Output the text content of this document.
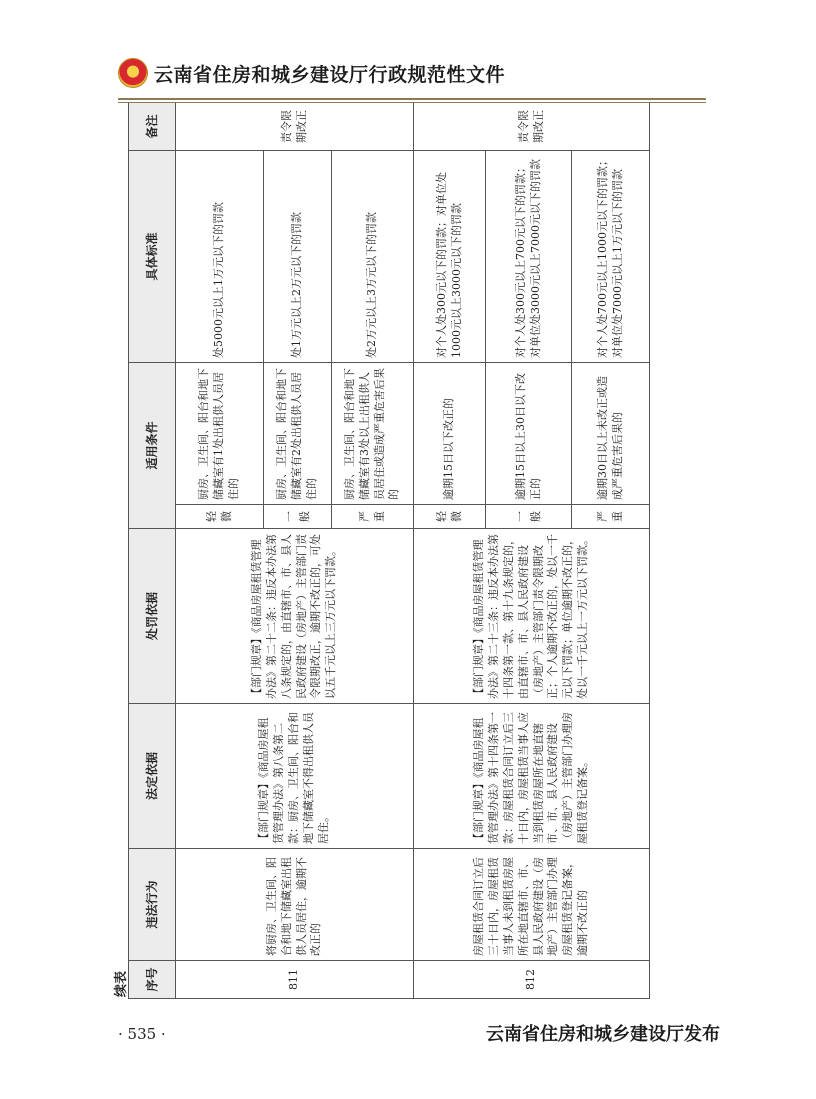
云南省住房和城乡建设厅行政规范性文件
续表 序号	违法行为	法定依据	处罚依据	适用条件		具体标准	备注
811	将厨房、卫生间、阳台和地下储藏室出租供人员居住，逾期不改正的	【部门规章】《商品房屋租赁管理办法》第八条第二款：厨房、卫生间、阳台和地下储藏室不得出租供人员居住。	【部门规章】《商品房屋租赁管理办法》第二十二条：违反本办法第八条规定的，由直辖市、市、县人民政府建设（房地产）主管部门责令限期改正，逾期不改正的，可处以五千元以上三万元以下罚款。	轻微	厨房、卫生间、阳台和地下储藏室有1处出租供人员居住的	处5000元以上1万元以下的罚款	责令限期改正
				一般	厨房、卫生间、阳台和地下储藏室有2处出租供人员居住的	处1万元以上2万元以下的罚款	
				严重	厨房、卫生间、阳台和地下储藏室有3处以上出租供人员居住或造成严重危害后果的	处2万元以上3万元以下的罚款	
812	房屋租赁合同订立后三十日内，房屋租赁当事人未到租赁房屋所在地直辖市、市、县人民政府建设（房地产）主管部门办理房屋租赁登记备案，逾期不改正的	【部门规章】《商品房屋租赁管理办法》第十四条第一款：房屋租赁合同订立后三十日内，房屋租赁当事人应当到租赁房屋所在地直辖市、市、县人民政府建设（房地产）主管部门办理房屋租赁登记备案。	【部门规章】《商品房屋租赁管理办法》第二十三条：违反本办法第十四条第一款、第十九条规定的，由直辖市、市、县人民政府建设（房地产）主管部门责令限期改正；个人逾期不改正的，处以一千元以下罚款；单位逾期不改正的，处以一千元以上一万元以下罚款。	轻微	逾期15日以下改正的	对个人处300元以下的罚款；对单位处1000元以上3000元以下的罚款	责令限期改正
				一般	逾期15日以上30日以下改正的	对个人处300元以上700元以下的罚款；对单位处3000元以上7000元以下的罚款	
				严重	逾期30日以上未改正或造成严重危害后果的	对个人处700元以上1000元以下的罚款；对单位处7000元以上1万元以下的罚款	
· 535 ·	云南省住房和城乡建设厅发布
